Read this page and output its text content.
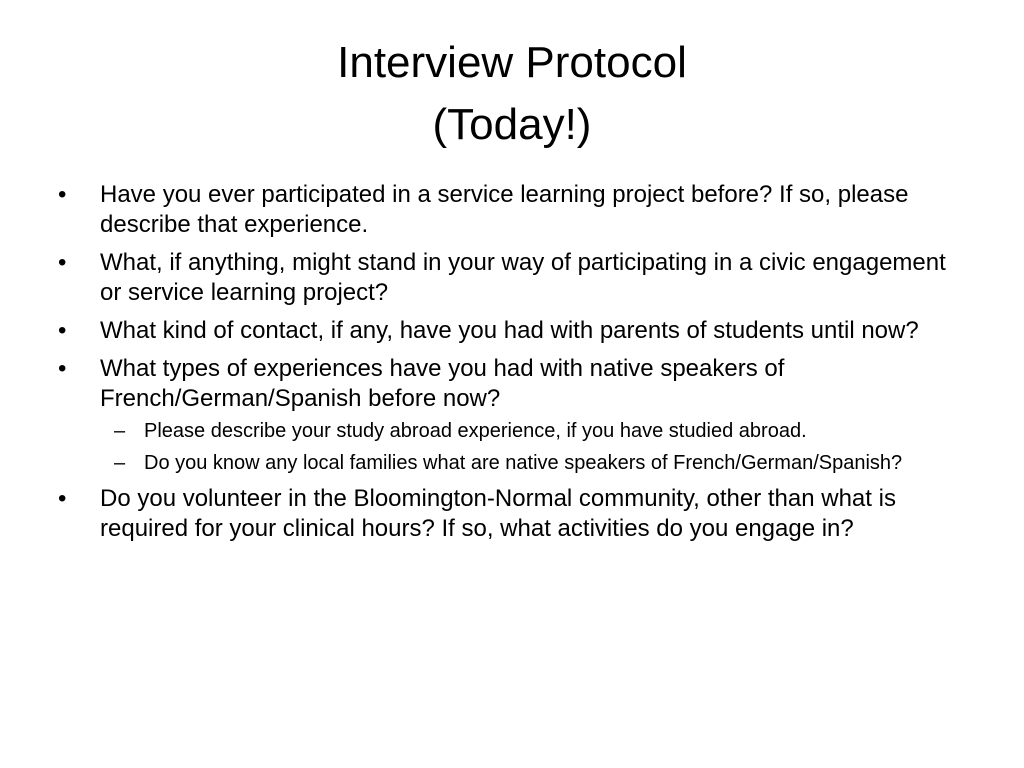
Interview Protocol
(Today!)
•	Have you ever participated in a service learning project before? If so, please describe that experience.
•	What, if anything, might stand in your way of participating in a civic engagement or service learning project?
•	What kind of contact, if any, have you had with parents of students until now?
•	What types of experiences have you had with native speakers of French/German/Spanish before now?
– Please describe your study abroad experience, if you have studied abroad.
– Do you know any local families what are native speakers of French/German/Spanish?
•	Do you volunteer in the Bloomington-Normal community, other than what is required for your clinical hours? If so, what activities do you engage in?
